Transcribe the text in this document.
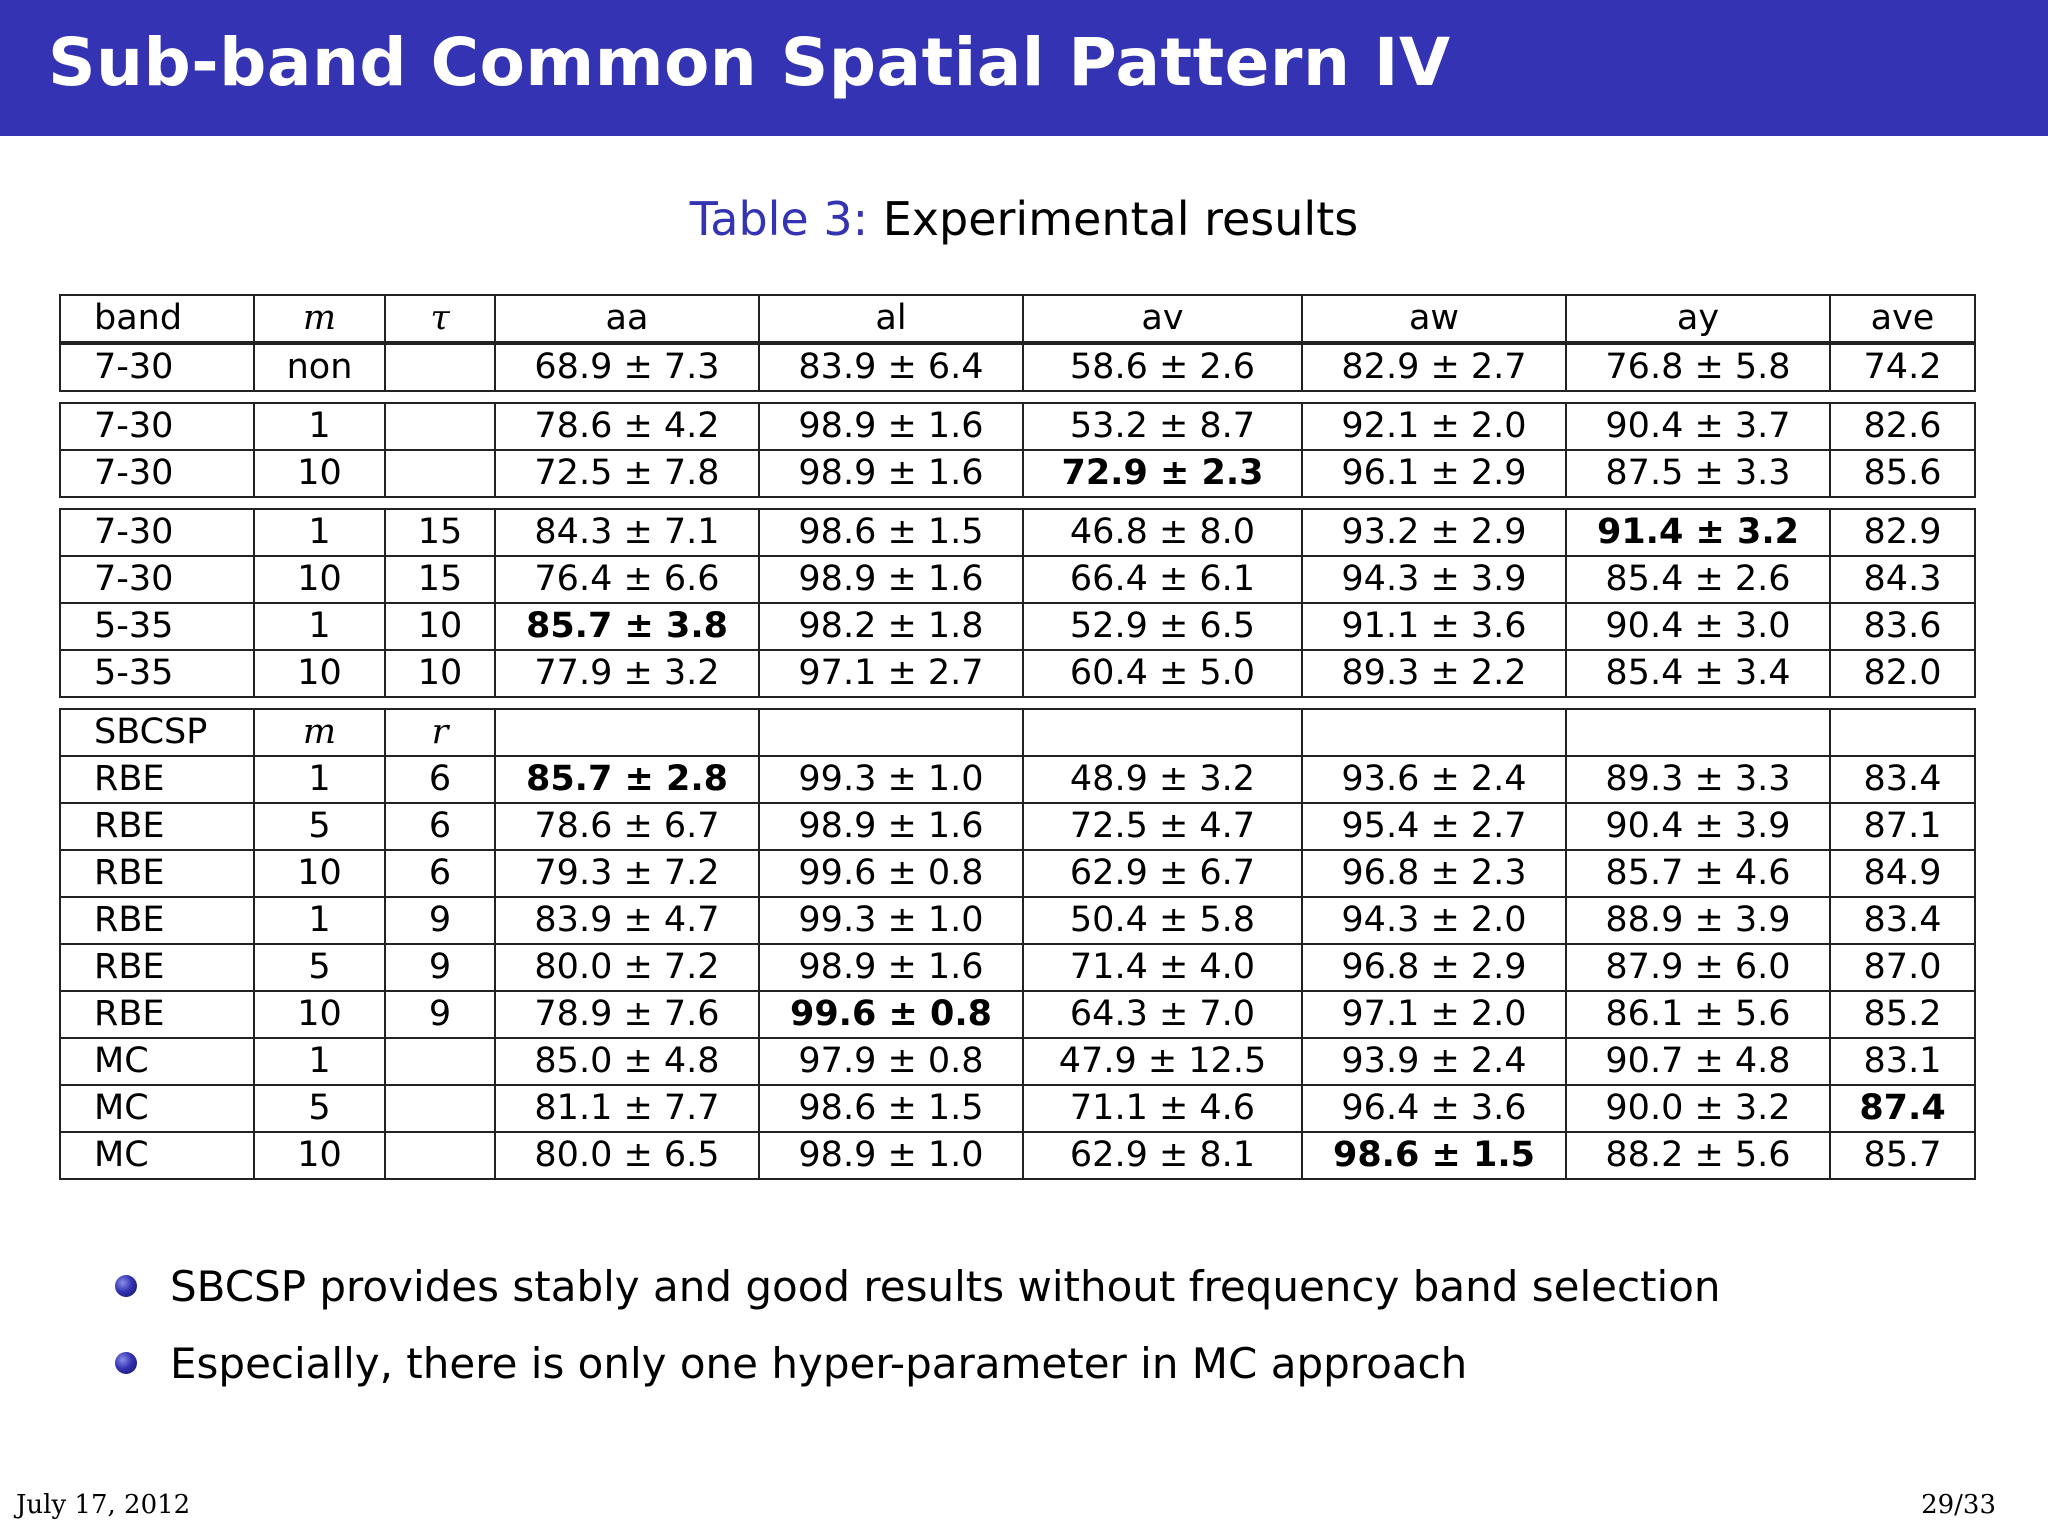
Sub-band Common Spatial Pattern IV
Table 3: Experimental results
band	m	τ	aa	al	av	aw	ay	ave
7-30	non		68.9 ± 7.3	83.9 ± 6.4	58.6 ± 2.6	82.9 ± 2.7	76.8 ± 5.8	74.2

7-30	1		78.6 ± 4.2	98.9 ± 1.6	53.2 ± 8.7	92.1 ± 2.0	90.4 ± 3.7	82.6
7-30	10		72.5 ± 7.8	98.9 ± 1.6	72.9 ± 2.3	96.1 ± 2.9	87.5 ± 3.3	85.6

7-30	1	15	84.3 ± 7.1	98.6 ± 1.5	46.8 ± 8.0	93.2 ± 2.9	91.4 ± 3.2	82.9
7-30	10	15	76.4 ± 6.6	98.9 ± 1.6	66.4 ± 6.1	94.3 ± 3.9	85.4 ± 2.6	84.3
5-35	1	10	85.7 ± 3.8	98.2 ± 1.8	52.9 ± 6.5	91.1 ± 3.6	90.4 ± 3.0	83.6
5-35	10	10	77.9 ± 3.2	97.1 ± 2.7	60.4 ± 5.0	89.3 ± 2.2	85.4 ± 3.4	82.0

SBCSP	m	r						
RBE	1	6	85.7 ± 2.8	99.3 ± 1.0	48.9 ± 3.2	93.6 ± 2.4	89.3 ± 3.3	83.4
RBE	5	6	78.6 ± 6.7	98.9 ± 1.6	72.5 ± 4.7	95.4 ± 2.7	90.4 ± 3.9	87.1
RBE	10	6	79.3 ± 7.2	99.6 ± 0.8	62.9 ± 6.7	96.8 ± 2.3	85.7 ± 4.6	84.9
RBE	1	9	83.9 ± 4.7	99.3 ± 1.0	50.4 ± 5.8	94.3 ± 2.0	88.9 ± 3.9	83.4
RBE	5	9	80.0 ± 7.2	98.9 ± 1.6	71.4 ± 4.0	96.8 ± 2.9	87.9 ± 6.0	87.0
RBE	10	9	78.9 ± 7.6	99.6 ± 0.8	64.3 ± 7.0	97.1 ± 2.0	86.1 ± 5.6	85.2
MC	1		85.0 ± 4.8	97.9 ± 0.8	47.9 ± 12.5	93.9 ± 2.4	90.7 ± 4.8	83.1
MC	5		81.1 ± 7.7	98.6 ± 1.5	71.1 ± 4.6	96.4 ± 3.6	90.0 ± 3.2	87.4
MC	10		80.0 ± 6.5	98.9 ± 1.0	62.9 ± 8.1	98.6 ± 1.5	88.2 ± 5.6	85.7
SBCSP provides stably and good results without frequency band selection
Especially, there is only one hyper-parameter in MC approach
July 17, 2012	29/33
